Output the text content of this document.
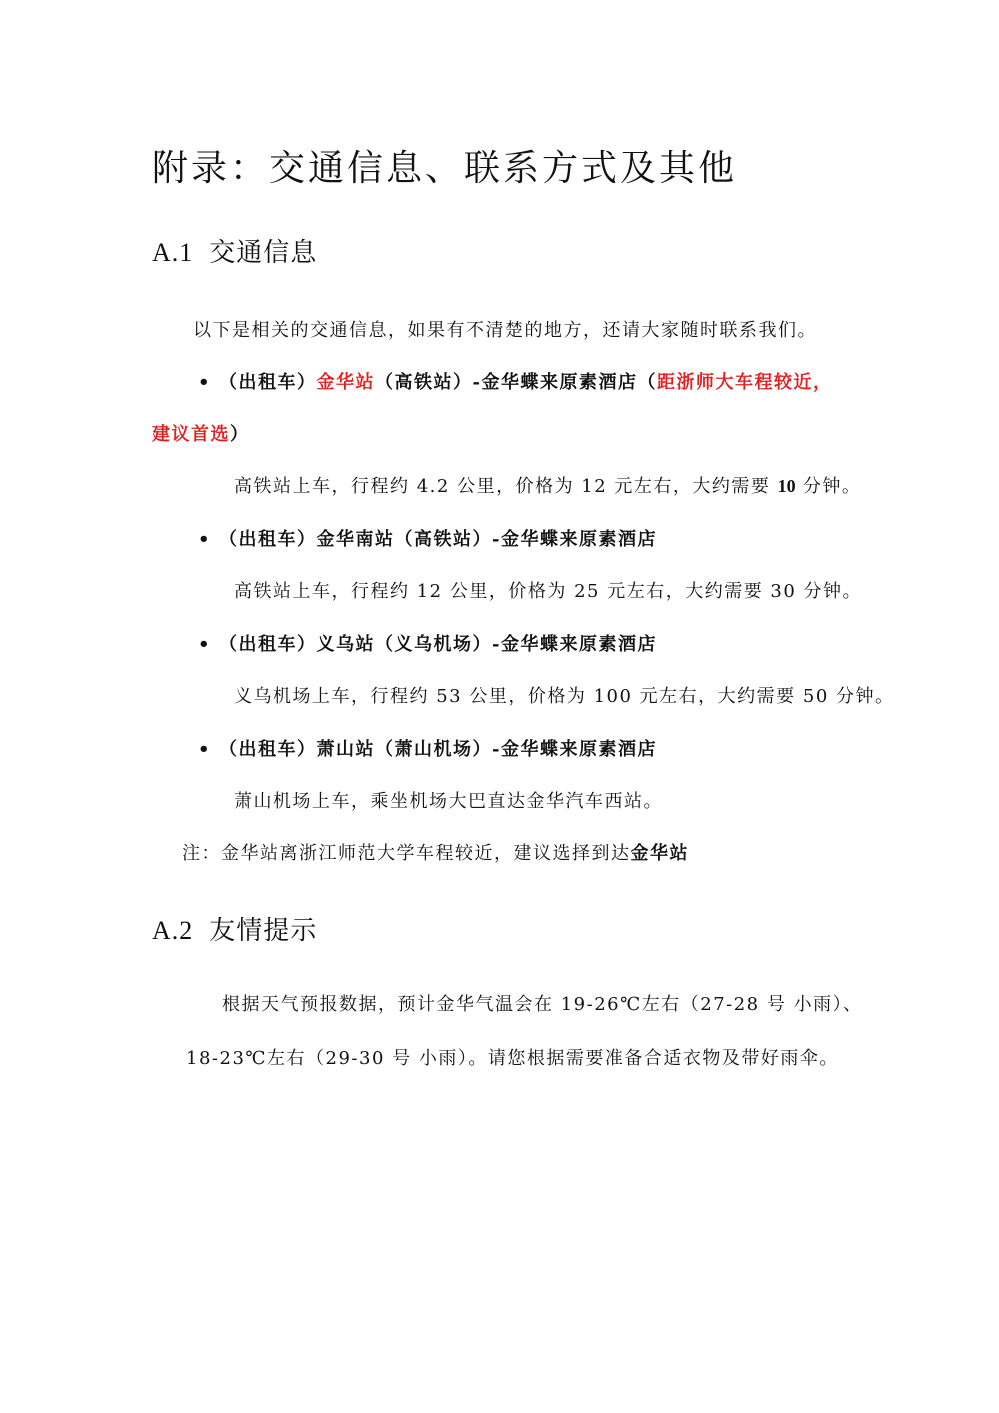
附录：交通信息、联系方式及其他
A.1 交通信息
以下是相关的交通信息，如果有不清楚的地方，还请大家随时联系我们。
• （出租车）金华站（高铁站）-金华蝶来原素酒店（距浙师大车程较近，
建议首选）
高铁站上车，行程约 4.2 公里，价格为 12 元左右，大约需要 10 分钟。
• （出租车）金华南站（高铁站）-金华蝶来原素酒店
高铁站上车，行程约 12 公里，价格为 25 元左右，大约需要 30 分钟。
• （出租车）义乌站（义乌机场）-金华蝶来原素酒店
义乌机场上车，行程约 53 公里，价格为 100 元左右，大约需要 50 分钟。
• （出租车）萧山站（萧山机场）-金华蝶来原素酒店
萧山机场上车，乘坐机场大巴直达金华汽车西站。
注：金华站离浙江师范大学车程较近，建议选择到达金华站
A.2 友情提示
根据天气预报数据，预计金华气温会在 19-26℃左右（27-28 号 小雨）、
18-23℃左右（29-30 号 小雨）。请您根据需要准备合适衣物及带好雨伞。
